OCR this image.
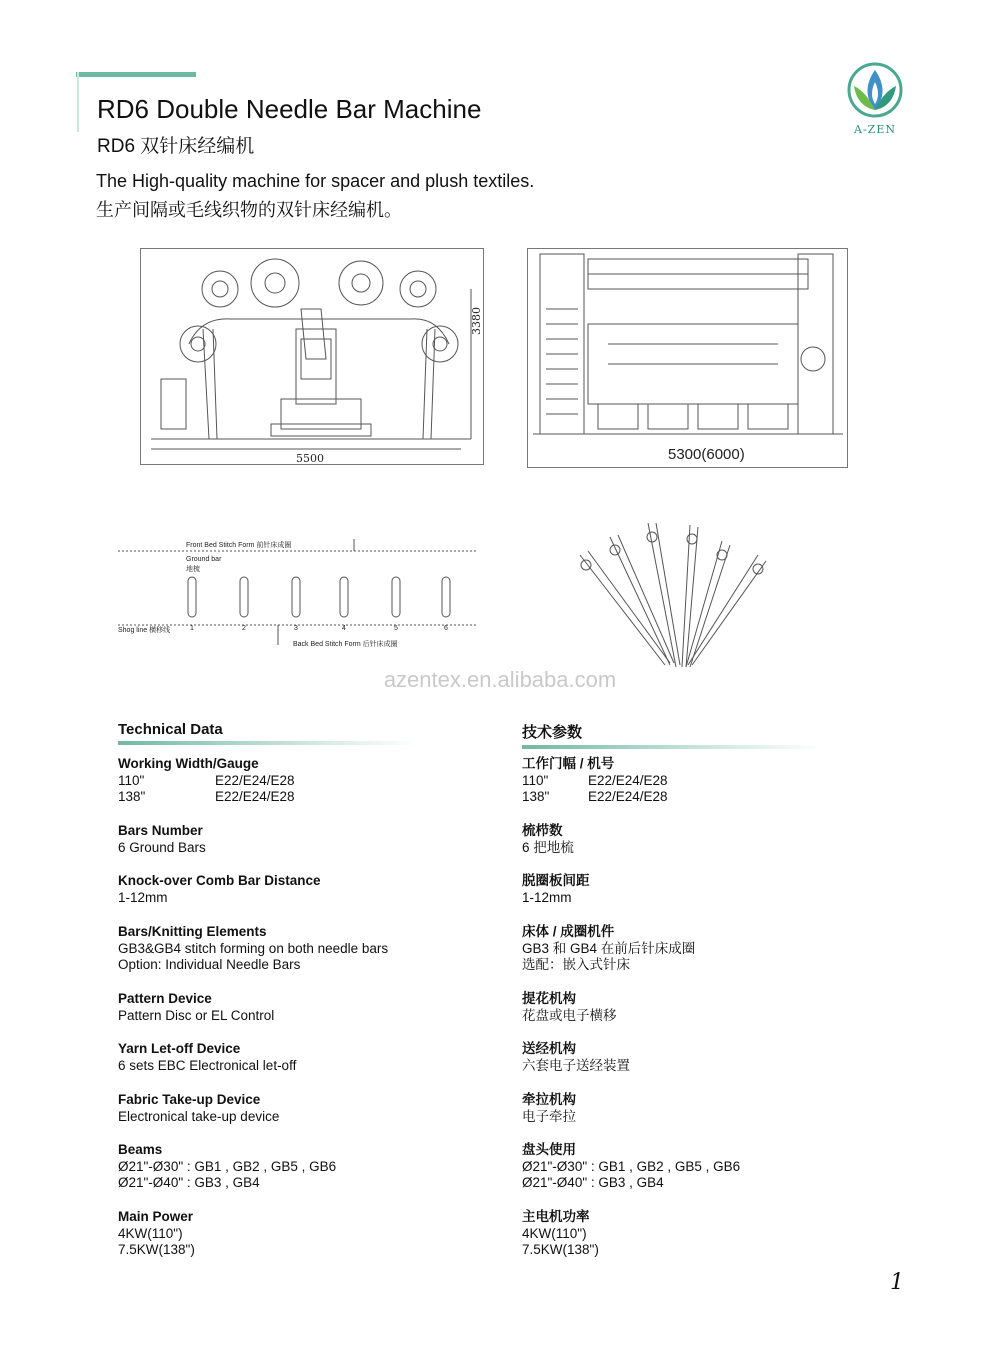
RD6 Double Needle Bar Machine
RD6 双针床经编机
The High-quality machine for spacer and plush textiles.
生产间隔或毛线织物的双针床经编机。
A-ZEN
5500
3380
5300(6000)
Front Bed Stitch Form 前针床成圈
Ground bar
地梳
Shog line 横移线	1	2	3	4	5	6
Back Bed Stitch Form 后针床成圈
azentex.en.alibaba.com
Technical Data	技术参数
Working Width/Gauge
110"	E22/E24/E28
138"	E22/E24/E28
Bars Number
6 Ground Bars
Knock-over Comb Bar Distance
1-12mm
Bars/Knitting Elements
GB3&GB4 stitch forming on both needle bars
Option: Individual Needle Bars
Pattern Device
Pattern Disc or EL Control
Yarn Let-off Device
6 sets EBC Electronical let-off
Fabric Take-up Device
Electronical take-up device
Beams
Ø21"-Ø30" : GB1 , GB2 , GB5 , GB6
Ø21"-Ø40" : GB3 , GB4
Main Power
4KW(110")
7.5KW(138")
工作门幅 / 机号
110"	E22/E24/E28
138"	E22/E24/E28
梳栉数
6 把地梳
脱圈板间距
1-12mm
床体 / 成圈机件
GB3 和 GB4 在前后针床成圈
选配：嵌入式针床
提花机构
花盘或电子横移
送经机构
六套电子送经装置
牵拉机构
电子牵拉
盘头使用
Ø21"-Ø30" : GB1 , GB2 , GB5 , GB6
Ø21"-Ø40" : GB3 , GB4
主电机功率
4KW(110")
7.5KW(138")
1
